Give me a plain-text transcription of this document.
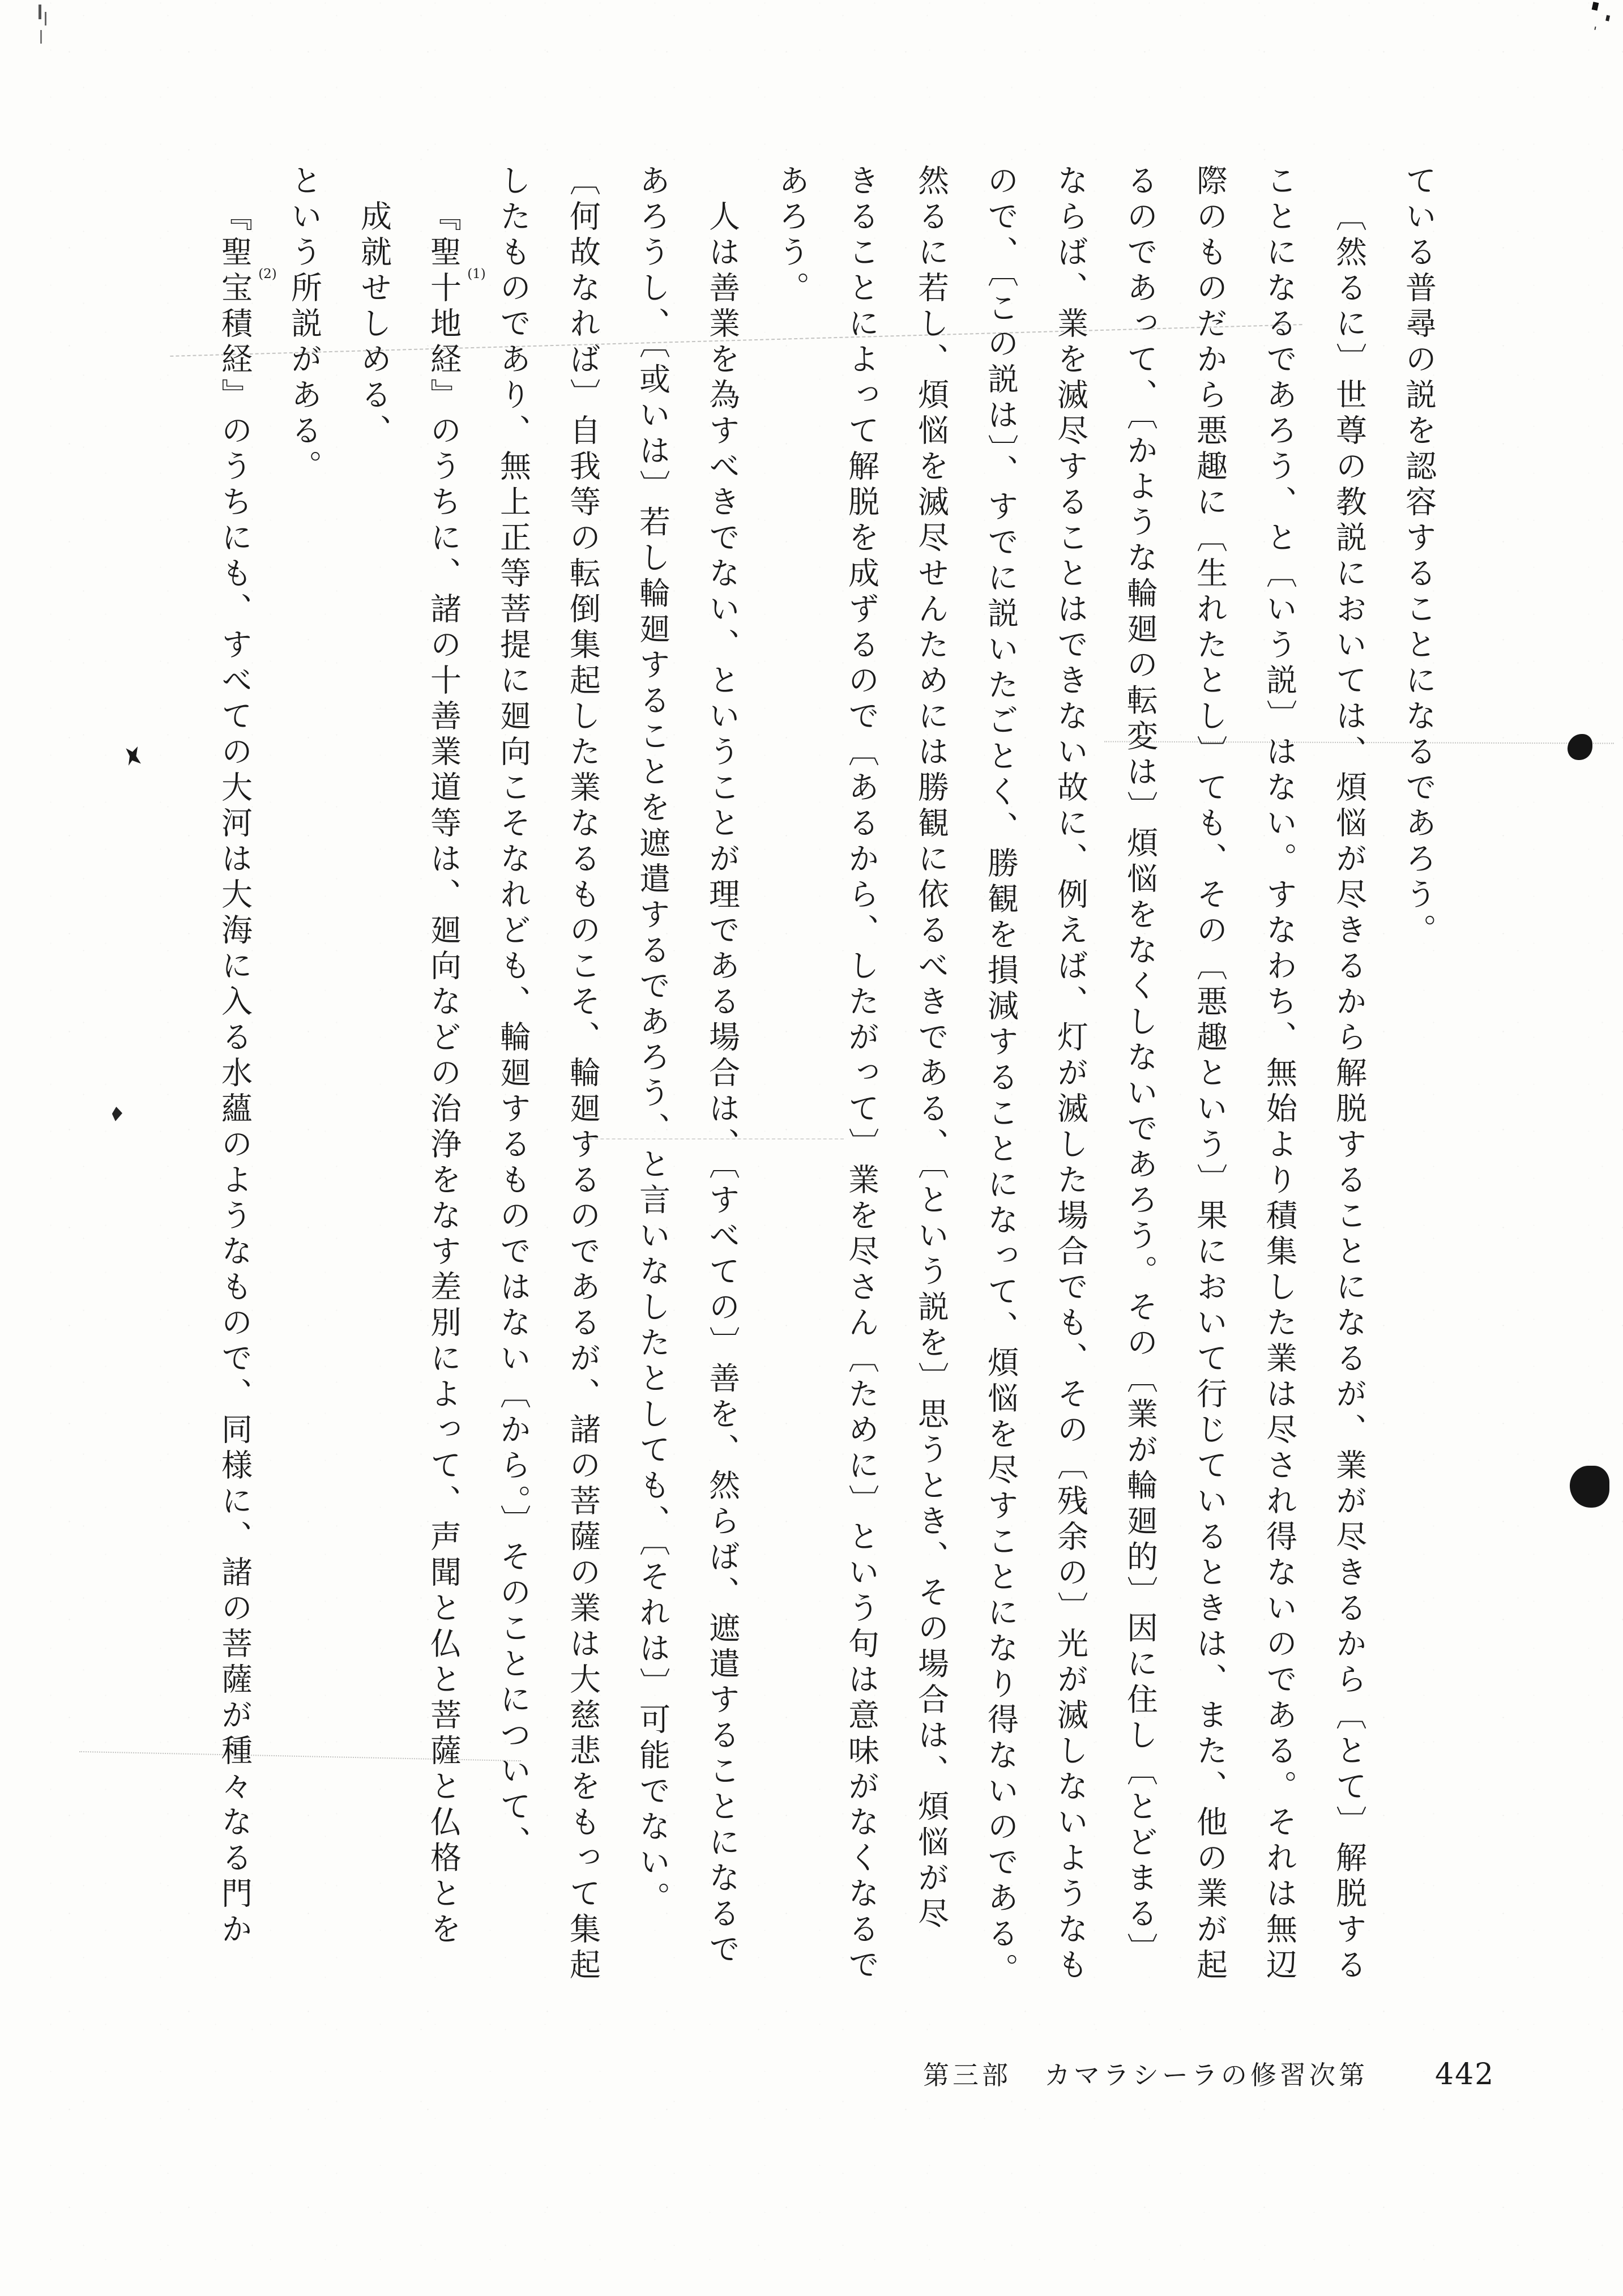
ている普尋の説を認容することになるであろう。
〔然るに〕世尊の教説においては、煩悩が尽きるから解脱することになるが、業が尽きるから〔とて〕解脱する
ことになるであろう、と〔いう説〕はない。すなわち、無始より積集した業は尽され得ないのである。それは無辺
際のものだから悪趣に〔生れたとし〕ても、その〔悪趣という〕果において行じているときは、また、他の業が起
るのであって、〔かような輪廻の転変は〕煩悩をなくしないであろう。その〔業が輪廻的〕因に住し〔とどまる〕
ならば、業を滅尽することはできない故に、例えば、灯が滅した場合でも、その〔残余の〕光が滅しないようなも
ので、〔この説は〕、すでに説いたごとく、勝観を損減することになって、煩悩を尽すことになり得ないのである。
然るに若し、煩悩を滅尽せんためには勝観に依るべきである、〔という説を〕思うとき、その場合は、煩悩が尽
きることによって解脱を成ずるので〔あるから、したがって〕業を尽さん〔ために〕という句は意味がなくなるで
あろう。
人は善業を為すべきでない、ということが理である場合は、〔すべての〕善を、然らば、遮遣することになるで
あろうし、〔或いは〕若し輪廻することを遮遣するであろう、と言いなしたとしても、〔それは〕可能でない。
〔何故なれば〕自我等の転倒集起した業なるものこそ、輪廻するのであるが、諸の菩薩の業は大慈悲をもって集起
したものであり、無上正等菩提に廻向こそなれども、輪廻するものではない〔から。〕そのことについて、
『聖(1)十地経』のうちに、諸の十善業道等は、廻向などの治浄をなす差別によって、声聞と仏と菩薩と仏格とを
成就せしめる、
という所説がある。
『聖(2)宝積経』のうちにも、すべての大河は大海に入る水蘊のようなもので、同様に、諸の菩薩が種々なる門か
第三部 カマラシーラの修習次第 442
